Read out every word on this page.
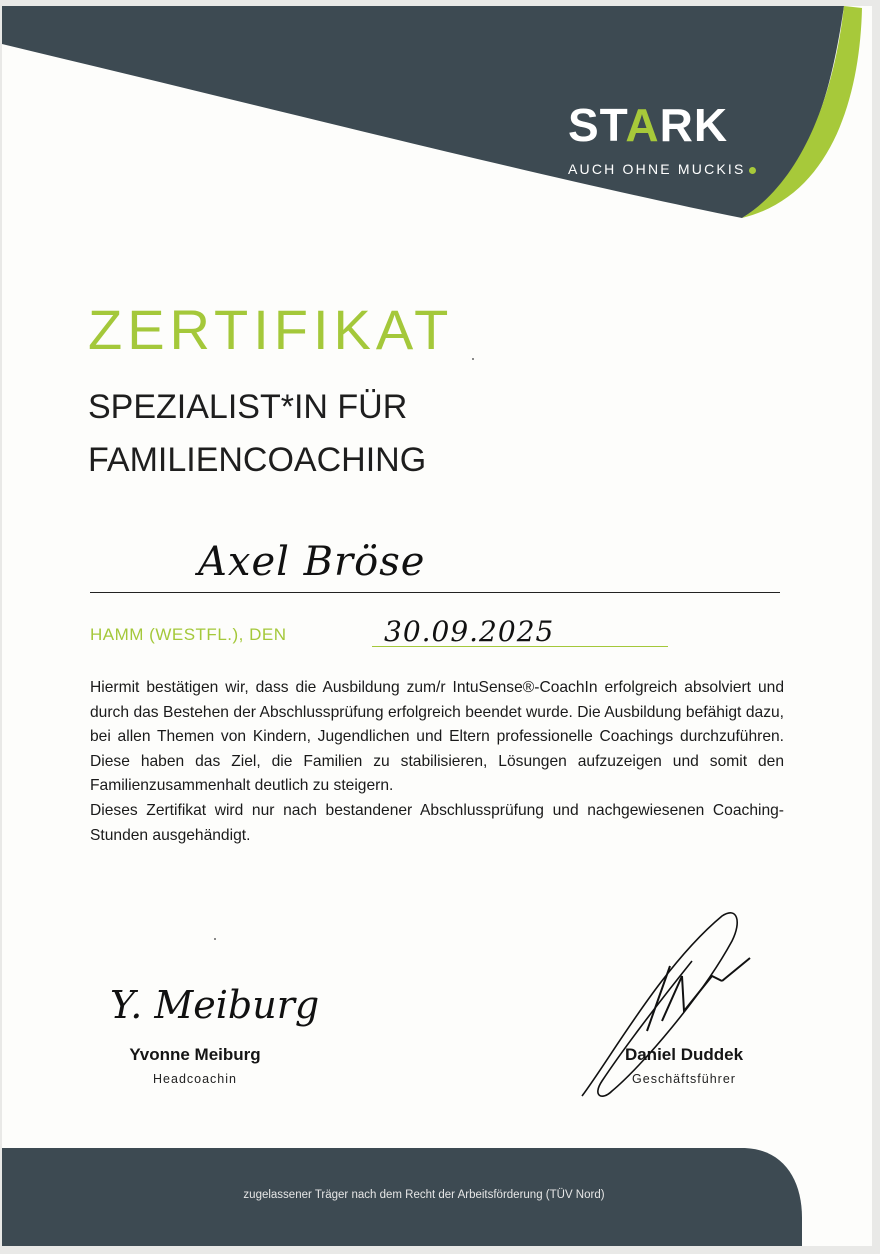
STARK
AUCH OHNE MUCKIS
ZERTIFIKAT
SPEZIALIST*IN FÜR
FAMILIENCOACHING
Axel Bröse
HAMM (WESTFL.), DEN	30.09.2025

Hiermit bestätigen wir, dass die Ausbildung zum/r IntuSense®-CoachIn erfolgreich absolviert und durch das Bestehen der Abschlussprüfung erfolgreich beendet wurde. Die Ausbildung befähigt dazu, bei allen Themen von Kindern, Jugendlichen und Eltern professionelle Coachings durchzuführen. Diese haben das Ziel, die Familien zu stabilisieren, Lösungen aufzuzeigen und somit den Familienzusammenhalt deutlich zu steigern.

Dieses Zertifikat wird nur nach bestandener Abschlussprüfung und nachgewiesenen Coaching-Stunden ausgehändigt.

Y. Meiburg
Yvonne Meiburg
Headcoachin
Daniel Duddek
Geschäftsführer
zugelassener Träger nach dem Recht der Arbeitsförderung (TÜV Nord)
